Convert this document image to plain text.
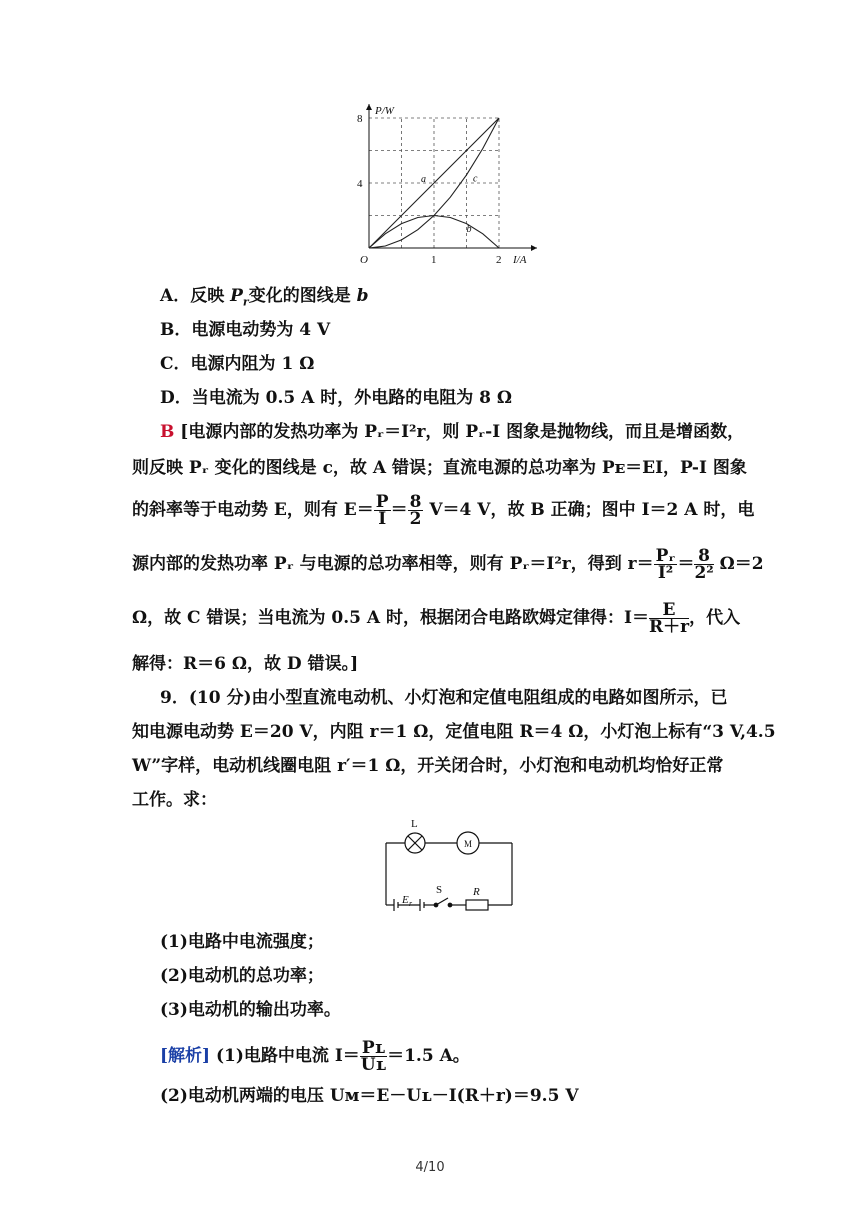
a	c
b
O	1	2
4
8
P/W
I/A
A．反映 $P_r$变化的图线是 b
B．电源电动势为 4 V
C．电源内阻为 1 Ω
D．当电流为 0.5 A 时，外电路的电阻为 8 Ω
B [电源内部的发热功率为 Pᵣ＝I²r，则 Pᵣ-I 图象是抛物线，而且是增函数，
则反映 Pᵣ 变化的图线是 c，故 A 错误；直流电源的总功率为 Pᴇ＝EI，P-I 图象
的斜率等于电动势 E，则有 $E= \frac{P}{I} = \frac{8}{2} V=4$ V，故 B 正确；图中 I＝2 A 时，电
源内部的发热功率 Pᵣ 与电源的总功率相等，则有 Pᵣ＝I²r，得到 $r= \frac{\text{Pᵣ}}{\text{I²}} = \frac{8}{\text{2²}} \Omega=2$
Ω，故 C 错误；当电流为 0.5 A 时，根据闭合电路欧姆定律得：$I= \frac{E}{R+r}$ ，代入
解得：R＝6 Ω，故 D 错误。]
9．(10 分)由小型直流电动机、小灯泡和定值电阻组成的电路如图所示，已
知电源电动势 E＝20 V，内阻 r＝1 Ω，定值电阻 R＝4 Ω，小灯泡上标有“3 V,4.5
W”字样，电动机线圈电阻 r′＝1 Ω，开关闭合时，小灯泡和电动机均恰好正常
工作。求：
L
M
E r
S	R
(1)电路中电流强度；
(2)电动机的总功率；
(3)电动机的输出功率。
[解析] (1)电路中电流 $I= \frac{\text{Pʟ}}{\text{Uʟ}} =1.5$ A。
(2)电动机两端的电压 Uᴍ＝E－Uʟ－I(R＋r)＝9.5 V
4/10
